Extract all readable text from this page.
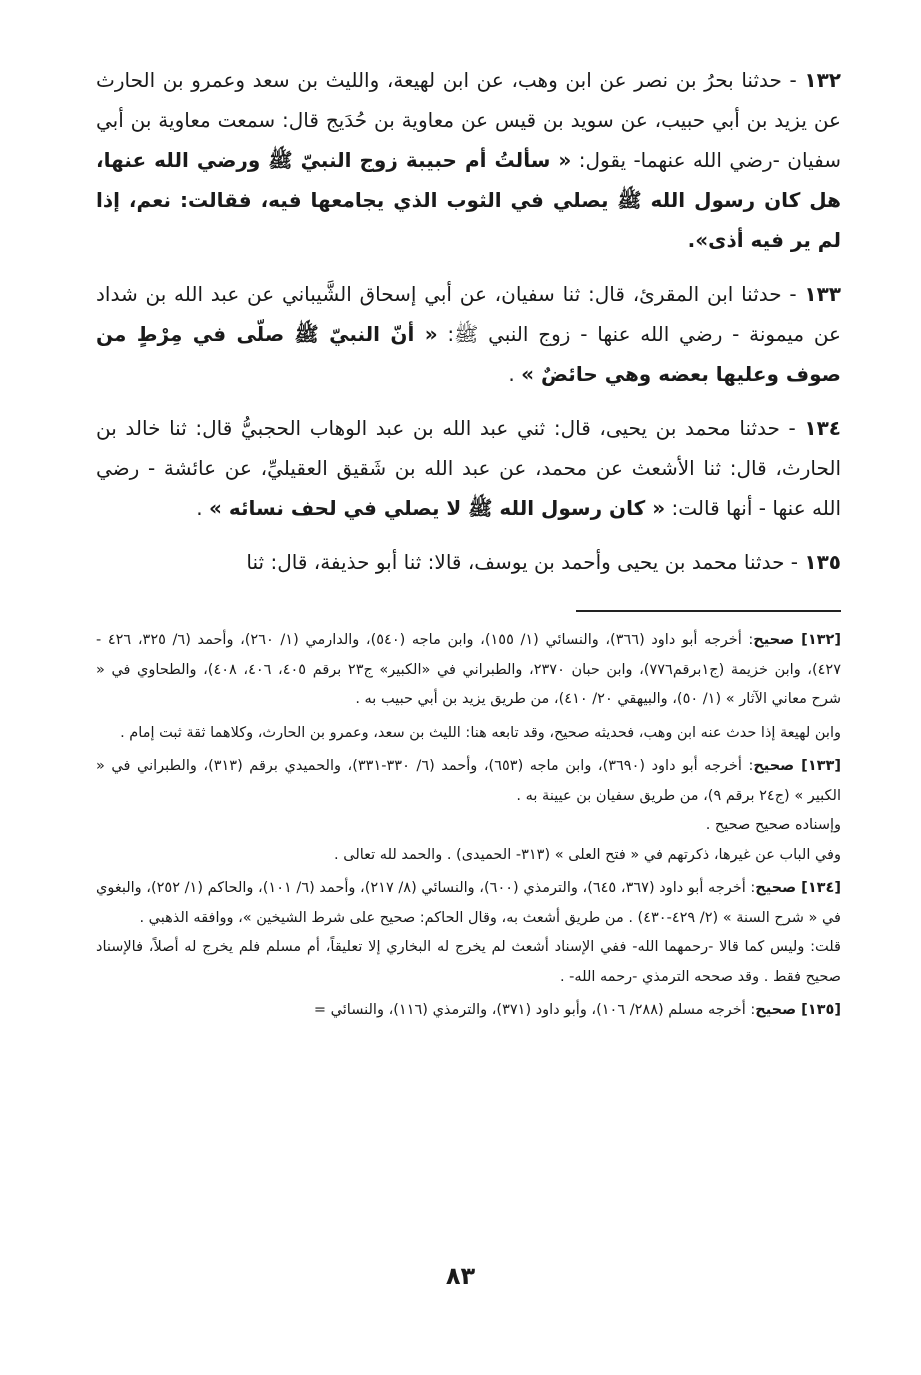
١٣٢ - حدثنا بحرُ بن نصر عن ابن وهب، عن ابن لهيعة، والليث بن سعد وعمرو بن الحارث عن يزيد بن أبي حبيب، عن سويد بن قيس عن معاوية بن حُدَيج قال: سمعت معاوية بن أبي سفيان -رضي الله عنهما- يقول: « سألتُ أم حبيبة زوج النبيّ ﷺ ورضي الله عنها، هل كان رسول الله ﷺ يصلي في الثوب الذي يجامعها فيه، فقالت: نعم، إذا لم ير فيه أذى».

١٣٣ - حدثنا ابن المقرئ، قال: ثنا سفيان، عن أبي إسحاق الشَّيباني عن عبد الله بن شداد عن ميمونة - رضي الله عنها - زوج النبي ﷺ: « أنّ النبيّ ﷺ صلّى في مِرْطٍ من صوف وعليها بعضه وهي حائضٌ » .

١٣٤ - حدثنا محمد بن يحيى، قال: ثني عبد الله بن عبد الوهاب الحجبيُّ قال: ثنا خالد بن الحارث، قال: ثنا الأشعث عن محمد، عن عبد الله بن شَقيق العقيليِّ، عن عائشة - رضي الله عنها - أنها قالت: « كان رسول الله ﷺ لا يصلي في لحف نسائه » .

١٣٥ - حدثنا محمد بن يحيى وأحمد بن يوسف، قالا: ثنا أبو حذيفة، قال: ثنا

[١٣٢] صحيح: أخرجه أبو داود (٣٦٦)، والنسائي (١/ ١٥٥)، وابن ماجه (٥٤٠)، والدارمي (١/ ٢٦٠)، وأحمد (٦/ ٣٢٥، ٤٢٦ - ٤٢٧)، وابن خزيمة (ج١برقم٧٧٦)، وابن حبان ٢٣٧٠، والطبراني في «الكبير» ج٢٣ برقم ٤٠٥، ٤٠٦، ٤٠٨)، والطحاوي في « شرح معاني الآثار » (١/ ٥٠)، والبيهقي ٢٠/ ٤١٠)، من طريق يزيد بن أبي حبيب به .

وابن لهيعة إذا حدث عنه ابن وهب، فحديثه صحيح، وقد تابعه هنا: الليث بن سعد، وعمرو بن الحارث، وكلاهما ثقة ثبت إمام .

[١٣٣] صحيح: أخرجه أبو داود (٣٦٩٠)، وابن ماجه (٦٥٣)، وأحمد (٦/ ٣٣٠-٣٣١)، والحميدي برقم (٣١٣)، والطبراني في « الكبير » (ج٢٤ برقم ٩)، من طريق سفيان بن عيينة به .

وإسناده صحيح صحيح .

وفي الباب عن غيرها، ذكرتهم في « فتح العلى » (٣١٣- الحميدى) . والحمد لله تعالى .

[١٣٤] صحيح: أخرجه أبو داود (٣٦٧، ٦٤٥)، والترمذي (٦٠٠)، والنسائي (٨/ ٢١٧)، وأحمد (٦/ ١٠١)، والحاكم (١/ ٢٥٢)، والبغوي في « شرح السنة » (٢/ ٤٢٩-٤٣٠) . من طريق أشعث به، وقال الحاكم: صحيح على شرط الشيخين »، ووافقه الذهبي .

قلت: وليس كما قالا -رحمهما الله- ففي الإسناد أشعث لم يخرج له البخاري إلا تعليقاً، أم مسلم فلم يخرج له أصلاً، فالإسناد صحيح فقط . وقد صححه الترمذي -رحمه الله- .

[١٣٥] صحيح: أخرجه مسلم (٢٨٨/ ١٠٦)، وأبو داود (٣٧١)، والترمذي (١١٦)، والنسائي =

٨٣
